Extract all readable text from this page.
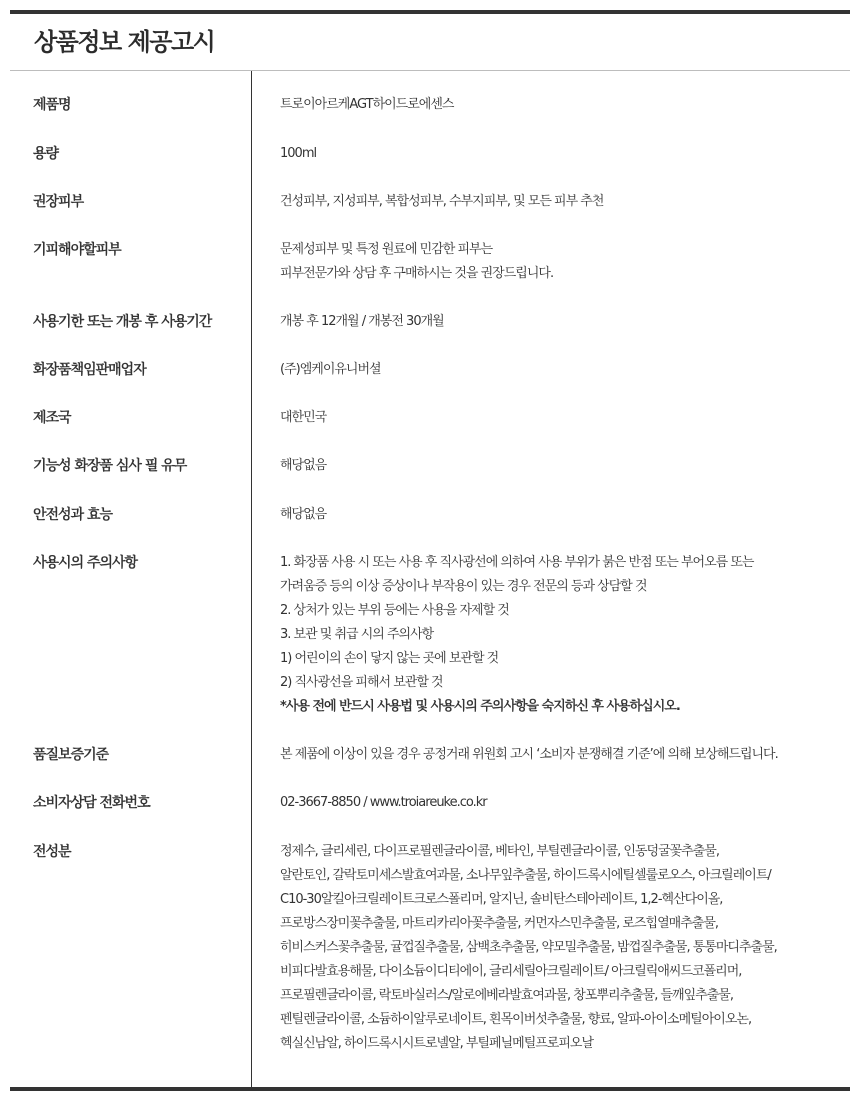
상품정보 제공고시
제품명	트로이아르케AGT하이드로에센스
용량	100ml
권장피부	건성피부, 지성피부, 복합성피부, 수부지피부, 및 모든 피부 추천
기피해야할피부	문제성피부 및 특정 원료에 민감한 피부는
피부전문가와 상담 후 구매하시는 것을 권장드립니다.
사용기한 또는 개봉 후 사용기간	개봉 후 12개월 / 개봉전 30개월
화장품책임판매업자	(주)엠케이유니버셜
제조국	대한민국
기능성 화장품 심사 필 유무	해당없음
안전성과 효능	해당없음
사용시의 주의사항	1. 화장품 사용 시 또는 사용 후 직사광선에 의하여 사용 부위가 붉은 반점 또는 부어오름 또는
가려움증 등의 이상 증상이나 부작용이 있는 경우 전문의 등과 상담할 것
2. 상처가 있는 부위 등에는 사용을 자제할 것
3. 보관 및 취급 시의 주의사항
1) 어린이의 손이 닿지 않는 곳에 보관할 것
2) 직사광선을 피해서 보관할 것
*사용 전에 반드시 사용법 및 사용시의 주의사항을 숙지하신 후 사용하십시오.
품질보증기준	본 제품에 이상이 있을 경우 공정거래 위원회 고시 ‘소비자 분쟁해결 기준’에 의해 보상해드립니다.
소비자상담 전화번호	02-3667-8850 / www.troiareuke.co.kr
전성분	정제수, 글리세린, 다이프로필렌글라이콜, 베타인, 부틸렌글라이콜, 인동덩굴꽃추출물,
알란토인, 갈락토미세스발효여과물, 소나무잎추출물, 하이드록시에틸셀룰로오스, 아크릴레이트/
C10-30알킬아크릴레이트크로스폴리머, 알지닌, 솔비탄스테아레이트, 1,2-헥산다이올,
프로방스장미꽃추출물, 마트리카리아꽃추출물, 커먼자스민추출물, 로즈힙열매추출물,
히비스커스꽃추출물, 귤껍질추출물, 삼백초추출물, 약모밀추출물, 밤껍질추출물, 통통마디추출물,
비피다발효용해물, 다이소듐이디티에이, 글리세릴아크릴레이트/ 아크릴릭애씨드코폴리머,
프로필렌글라이콜, 락토바실러스/알로에베라발효여과물, 창포뿌리추출물, 들깨잎추출물,
펜틸렌글라이콜, 소듐하이알루로네이트, 흰목이버섯추출물, 향료, 알파-아이소메틸아이오논,
헥실신남알, 하이드록시시트로넬알, 부틸페닐메틸프로피오날
